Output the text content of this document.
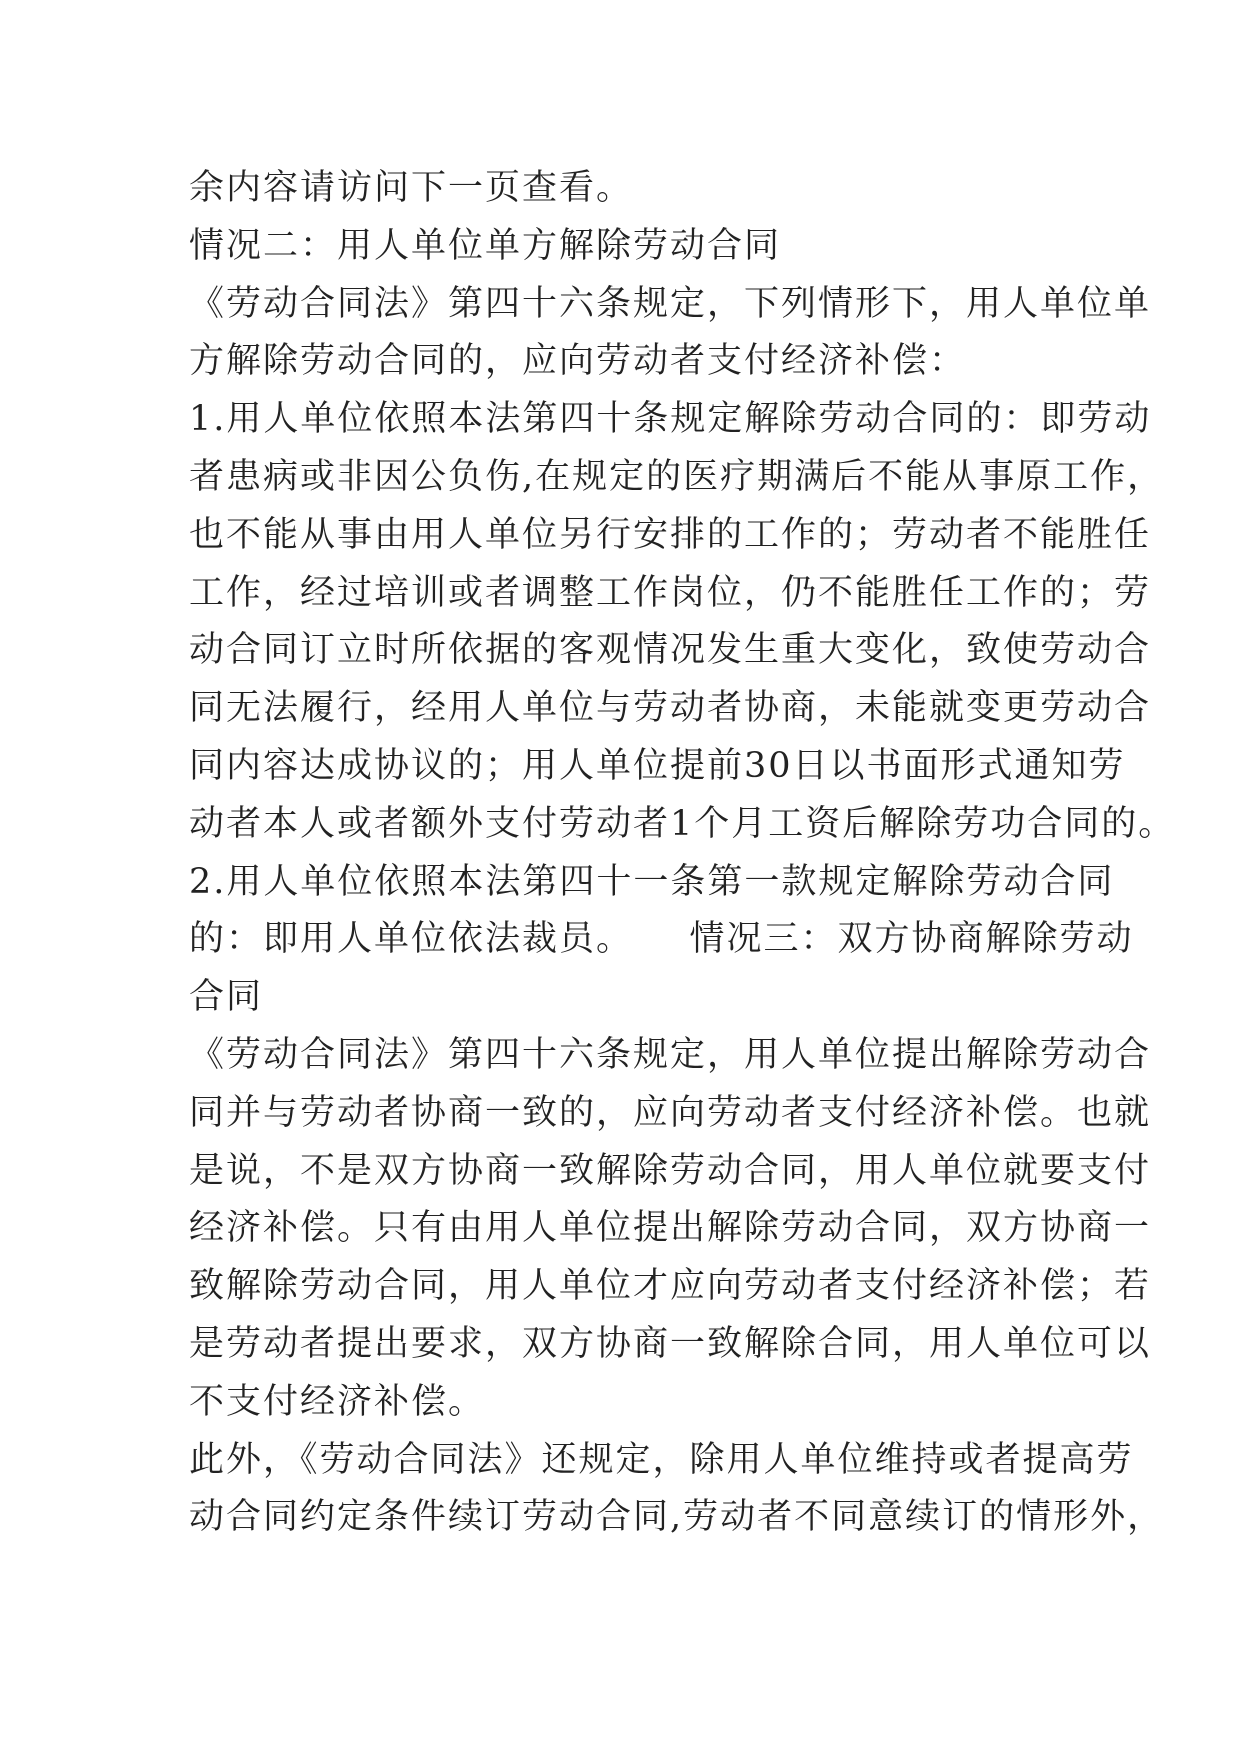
余内容请访问下一页查看。
情况二：用人单位单方解除劳动合同
《劳动合同法》第四十六条规定，下列情形下，用人单位单
方解除劳动合同的，应向劳动者支付经济补偿：
1.用人单位依照本法第四十条规定解除劳动合同的：即劳动
者患病或非因公负伤,在规定的医疗期满后不能从事原工作，
也不能从事由用人单位另行安排的工作的；劳动者不能胜任
工作，经过培训或者调整工作岗位，仍不能胜任工作的；劳
动合同订立时所依据的客观情况发生重大变化，致使劳动合
同无法履行，经用人单位与劳动者协商，未能就变更劳动合
同内容达成协议的；用人单位提前30日以书面形式通知劳
动者本人或者额外支付劳动者1个月工资后解除劳功合同的。
2.用人单位依照本法第四十一条第一款规定解除劳动合同
的：即用人单位依法裁员。　　情况三：双方协商解除劳动
合同
《劳动合同法》第四十六条规定，用人单位提出解除劳动合
同并与劳动者协商一致的，应向劳动者支付经济补偿。也就
是说，不是双方协商一致解除劳动合同，用人单位就要支付
经济补偿。只有由用人单位提出解除劳动合同，双方协商一
致解除劳动合同，用人单位才应向劳动者支付经济补偿；若
是劳动者提出要求，双方协商一致解除合同，用人单位可以
不支付经济补偿。
此外，《劳动合同法》还规定，除用人单位维持或者提高劳
动合同约定条件续订劳动合同,劳动者不同意续订的情形外，
